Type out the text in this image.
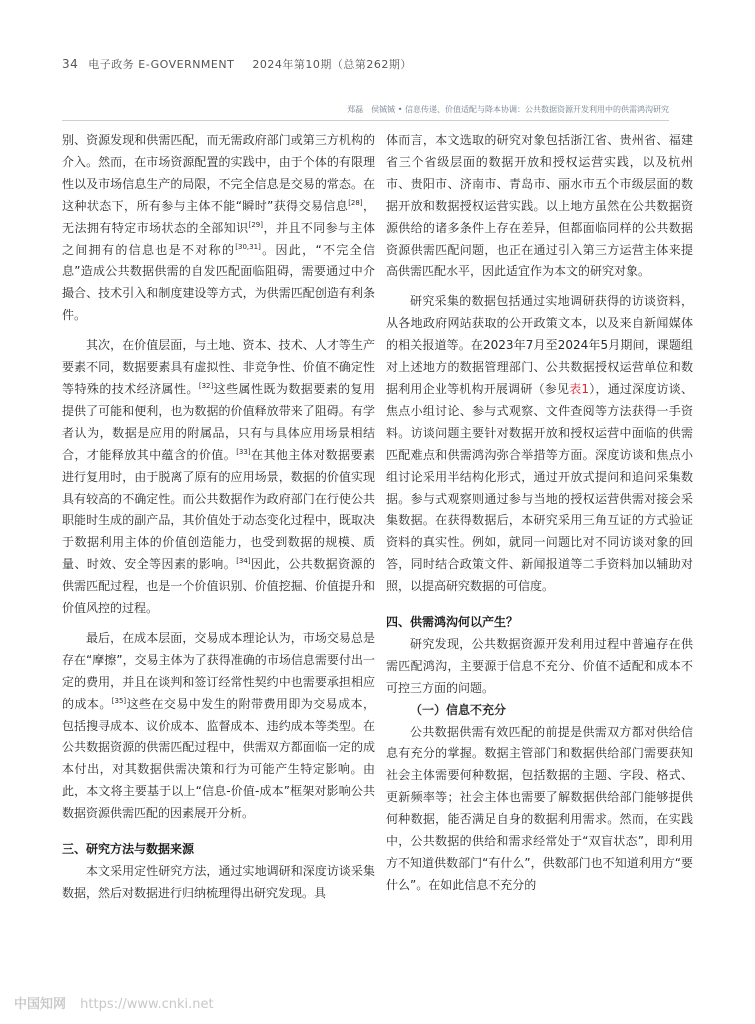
34 电子政务 E-GOVERNMENT 2024年第10期（总第262期）
郑磊　侯铖铖 • 信息传递、价值适配与降本协调：公共数据资源开发利用中的供需鸿沟研究

别、资源发现和供需匹配，而无需政府部门或第三方机构的介入。然而，在市场资源配置的实践中，由于个体的有限理性以及市场信息生产的局限，不完全信息是交易的常态。在这种状态下，所有参与主体不能“瞬时”获得交易信息[28]，无法拥有特定市场状态的全部知识[29]，并且不同参与主体之间拥有的信息也是不对称的[30,31]。因此，“不完全信息”造成公共数据供需的自发匹配面临阻碍，需要通过中介撮合、技术引入和制度建设等方式，为供需匹配创造有利条件。

其次，在价值层面，与土地、资本、技术、人才等生产要素不同，数据要素具有虚拟性、非竞争性、价值不确定性等特殊的技术经济属性。[32]这些属性既为数据要素的复用提供了可能和便利，也为数据的价值释放带来了阻碍。有学者认为，数据是应用的附属品，只有与具体应用场景相结合，才能释放其中蕴含的价值。[33]在其他主体对数据要素进行复用时，由于脱离了原有的应用场景，数据的价值实现具有较高的不确定性。而公共数据作为政府部门在行使公共职能时生成的副产品，其价值处于动态变化过程中，既取决于数据利用主体的价值创造能力，也受到数据的规模、质量、时效、安全等因素的影响。[34]因此，公共数据资源的供需匹配过程，也是一个价值识别、价值挖掘、价值提升和价值风控的过程。

最后，在成本层面，交易成本理论认为，市场交易总是存在“摩擦”，交易主体为了获得准确的市场信息需要付出一定的费用，并且在谈判和签订经常性契约中也需要承担相应的成本。[35]这些在交易中发生的附带费用即为交易成本，包括搜寻成本、议价成本、监督成本、违约成本等类型。在公共数据资源的供需匹配过程中，供需双方都面临一定的成本付出，对其数据供需决策和行为可能产生特定影响。由此，本文将主要基于以上“信息-价值-成本”框架对影响公共数据资源供需匹配的因素展开分析。

三、研究方法与数据来源

本文采用定性研究方法，通过实地调研和深度访谈采集数据，然后对数据进行归纳梳理得出研究发现。具

体而言，本文选取的研究对象包括浙江省、贵州省、福建省三个省级层面的数据开放和授权运营实践，以及杭州市、贵阳市、济南市、青岛市、丽水市五个市级层面的数据开放和数据授权运营实践。以上地方虽然在公共数据资源供给的诸多条件上存在差异，但都面临同样的公共数据资源供需匹配问题，也正在通过引入第三方运营主体来提高供需匹配水平，因此适宜作为本文的研究对象。

研究采集的数据包括通过实地调研获得的访谈资料，从各地政府网站获取的公开政策文本，以及来自新闻媒体的相关报道等。在2023年7月至2024年5月期间，课题组对上述地方的数据管理部门、公共数据授权运营单位和数据利用企业等机构开展调研（参见表1），通过深度访谈、焦点小组讨论、参与式观察、文件查阅等方法获得一手资料。访谈问题主要针对数据开放和授权运营中面临的供需匹配难点和供需鸿沟弥合举措等方面。深度访谈和焦点小组讨论采用半结构化形式，通过开放式提问和追问采集数据。参与式观察则通过参与当地的授权运营供需对接会采集数据。在获得数据后，本研究采用三角互证的方式验证资料的真实性。例如，就同一问题比对不同访谈对象的回答，同时结合政策文件、新闻报道等二手资料加以辅助对照，以提高研究数据的可信度。

四、供需鸿沟何以产生？

研究发现，公共数据资源开发利用过程中普遍存在供需匹配鸿沟，主要源于信息不充分、价值不适配和成本不可控三方面的问题。

（一）信息不充分

公共数据供需有效匹配的前提是供需双方都对供给信息有充分的掌握。数据主管部门和数据供给部门需要获知社会主体需要何种数据，包括数据的主题、字段、格式、更新频率等；社会主体也需要了解数据供给部门能够提供何种数据，能否满足自身的数据利用需求。然而，在实践中，公共数据的供给和需求经常处于“双盲状态”，即利用方不知道供数部门“有什么”，供数部门也不知道利用方“要什么”。在如此信息不充分的

中国知网 https://www.cnki.net
